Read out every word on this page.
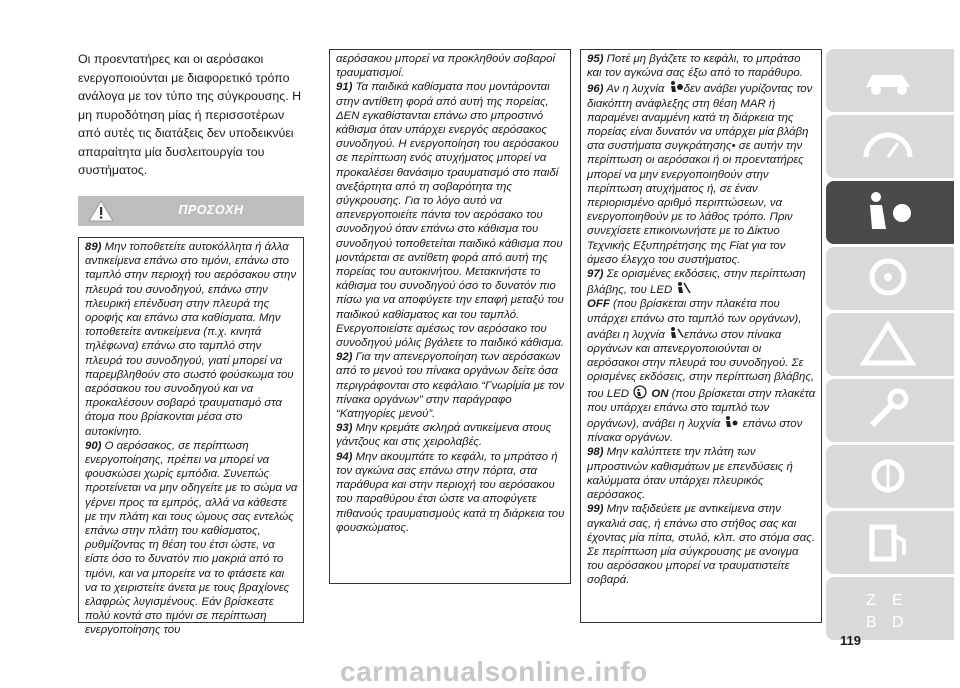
Οι προεντατήρες και οι αερόσακοι ενεργοποιούνται με διαφορετικό τρόπο ανάλογα με τον τύπο της σύγκρουσης. Η μη πυροδότηση μίας ή περισσοτέρων από αυτές τις διατάξεις δεν υποδεικνύει απαραίτητα μία δυσλειτουργία του συστήματος.
ΠΡΟΣΟΧΗ

89) Μην τοποθετείτε αυτοκόλλητα ή άλλα αντικείμενα επάνω στο τιμόνι, επάνω στο ταμπλό στην περιοχή του αερόσακου στην πλευρά του συνοδηγού, επάνω στην πλευρική επένδυση στην πλευρά της οροφής και επάνω στα καθίσματα. Μην τοποθετείτε αντικείμενα (π.χ. κινητά τηλέφωνα) επάνω στο ταμπλό στην πλευρά του συνοδηγού, γιατί μπορεί να παρεμβληθούν στο σωστό φούσκωμα του αερόσακου του συνοδηγού και να προκαλέσουν σοβαρό τραυματισμό στα άτομα που βρίσκονται μέσα στο αυτοκίνητο.

90) Ο αερόσακος, σε περίπτωση ενεργοποίησης, πρέπει να μπορεί να φουσκώσει χωρίς εμπόδια. Συνεπώς προτείνεται να μην οδηγείτε με το σώμα να γέρνει προς τα εμπρός, αλλά να κάθεστε με την πλάτη και τους ώμους σας εντελώς επάνω στην πλάτη του καθίσματος, ρυθμίζοντας τη θέση του έτσι ώστε, να είστε όσο το δυνατόν πιο μακριά από το τιμόνι, και να μπορείτε να το φτάσετε και να το χειριστείτε άνετα με τους βραχίονες ελαφρώς λυγισμένους. Εάν βρίσκεστε πολύ κοντά στο τιμόνι σε περίπτωση ενεργοποίησης του

αερόσακου μπορεί να προκληθούν σοβαροί τραυματισμοί.

91) Τα παιδικά καθίσματα που μοντάρονται στην αντίθετη φορά από αυτή της πορείας, ΔΕΝ εγκαθίστανται επάνω στο μπροστινό κάθισμα όταν υπάρχει ενεργός αερόσακος συνοδηγού. Η ενεργοποίηση του αερόσακου σε περίπτωση ενός ατυχήματος μπορεί να προκαλέσει θανάσιμο τραυματισμό στο παιδί ανεξάρτητα από τη σοβαρότητα της σύγκρουσης. Για το λόγο αυτό να απενεργοποιείτε πάντα τον αερόσακο του συνοδηγού όταν επάνω στο κάθισμα του συνοδηγού τοποθετείται παιδικό κάθισμα που μοντάρεται σε αντίθετη φορά από αυτή της πορείας του αυτοκινήτου. Μετακινήστε το κάθισμα του συνοδηγού όσο το δυνατόν πιο πίσω για να αποφύγετε την επαφή μεταξύ του παιδικού καθίσματος και του ταμπλό. Ενεργοποιείστε αμέσως τον αερόσακο του συνοδηγού μόλις βγάλετε το παιδικό κάθισμα.

92) Για την απενεργοποίηση των αερόσακων από το μενού του πίνακα οργάνων δείτε όσα περιγράφονται στο κεφάλαιο “Γνωρίμία με τον πίνακα οργάνων” στην παράγραφο “Κατηγορίες μενού”.

93) Μην κρεμάτε σκληρά αντικείμενα στους γάντζους και στις χειρολαβές.

94) Μην ακουμπάτε το κεφάλι, το μπράτσο ή τον αγκώνα σας επάνω στην πόρτα, στα παράθυρα και στην περιοχή του αερόσακου του παραθύρου έτσι ώστε να αποφύγετε πιθανούς τραυματισμούς κατά τη διάρκεια του φουσκώματος.

95) Ποτέ μη βγάζετε το κεφάλι, το μπράτσο και τον αγκώνα σας έξω από το παράθυρο.

96) Αν η λυχνία δεν ανάβει γυρίζοντας τον διακόπτη ανάφλεξης στη θέση MAR ή παραμένει αναμμένη κατά τη διάρκεια της πορείας είναι δυνατόν να υπάρχει μία βλάβη στα συστήματα συγκράτησης• σε αυτήν την περίπτωση οι αερόσακοι ή οι προεντατήρες μπορεί να μην ενεργοποιηθούν στην περίπτωση ατυχήματος ή, σε έναν περιορισμένο αριθμό περιπτώσεων, να ενεργοποιηθούν με το λάθος τρόπο. Πριν συνεχίσετε επικοινωνήστε με το Δίκτυο Τεχνικής Εξυπηρέτησης της Fiat για τον άμεσο έλεγχο του συστήματος.

97) Σε ορισμένες εκδόσεις, στην περίπτωση βλάβης, του LED
OFF (που βρίσκεται στην πλακέτα που υπάρχει επάνω στο ταμπλό των οργάνων), ανάβει η λυχνία επάνω στον πίνακα οργάνων και απενεργοποιούνται οι αερόσακοι στην πλευρά του συνοδηγού. Σε ορισμένες εκδόσεις, στην περίπτωση βλάβης, του LED  ON (που βρίσκεται στην πλακέτα που υπάρχει επάνω στο ταμπλό των οργάνων), ανάβει η λυχνία  επάνω στον πίνακα οργάνων.

98) Μην καλύπτετε την πλάτη των μπροστινών καθισμάτων με επενδύσεις ή καλύμματα όταν υπάρχει πλευρικός αερόσακος.

99) Μην ταξιδεύετε με αντικείμενα στην αγκαλιά σας, ή επάνω στο στήθος σας και έχοντας μία πίπα, στυλό, κλπ. στο στόμα σας. Σε περίπτωση μία σύγκρουσης με ανοιγμα του αερόσακου μπορεί να τραυματιστείτε σοβαρά.

Z E
B D
119
carmanualsonline.info
